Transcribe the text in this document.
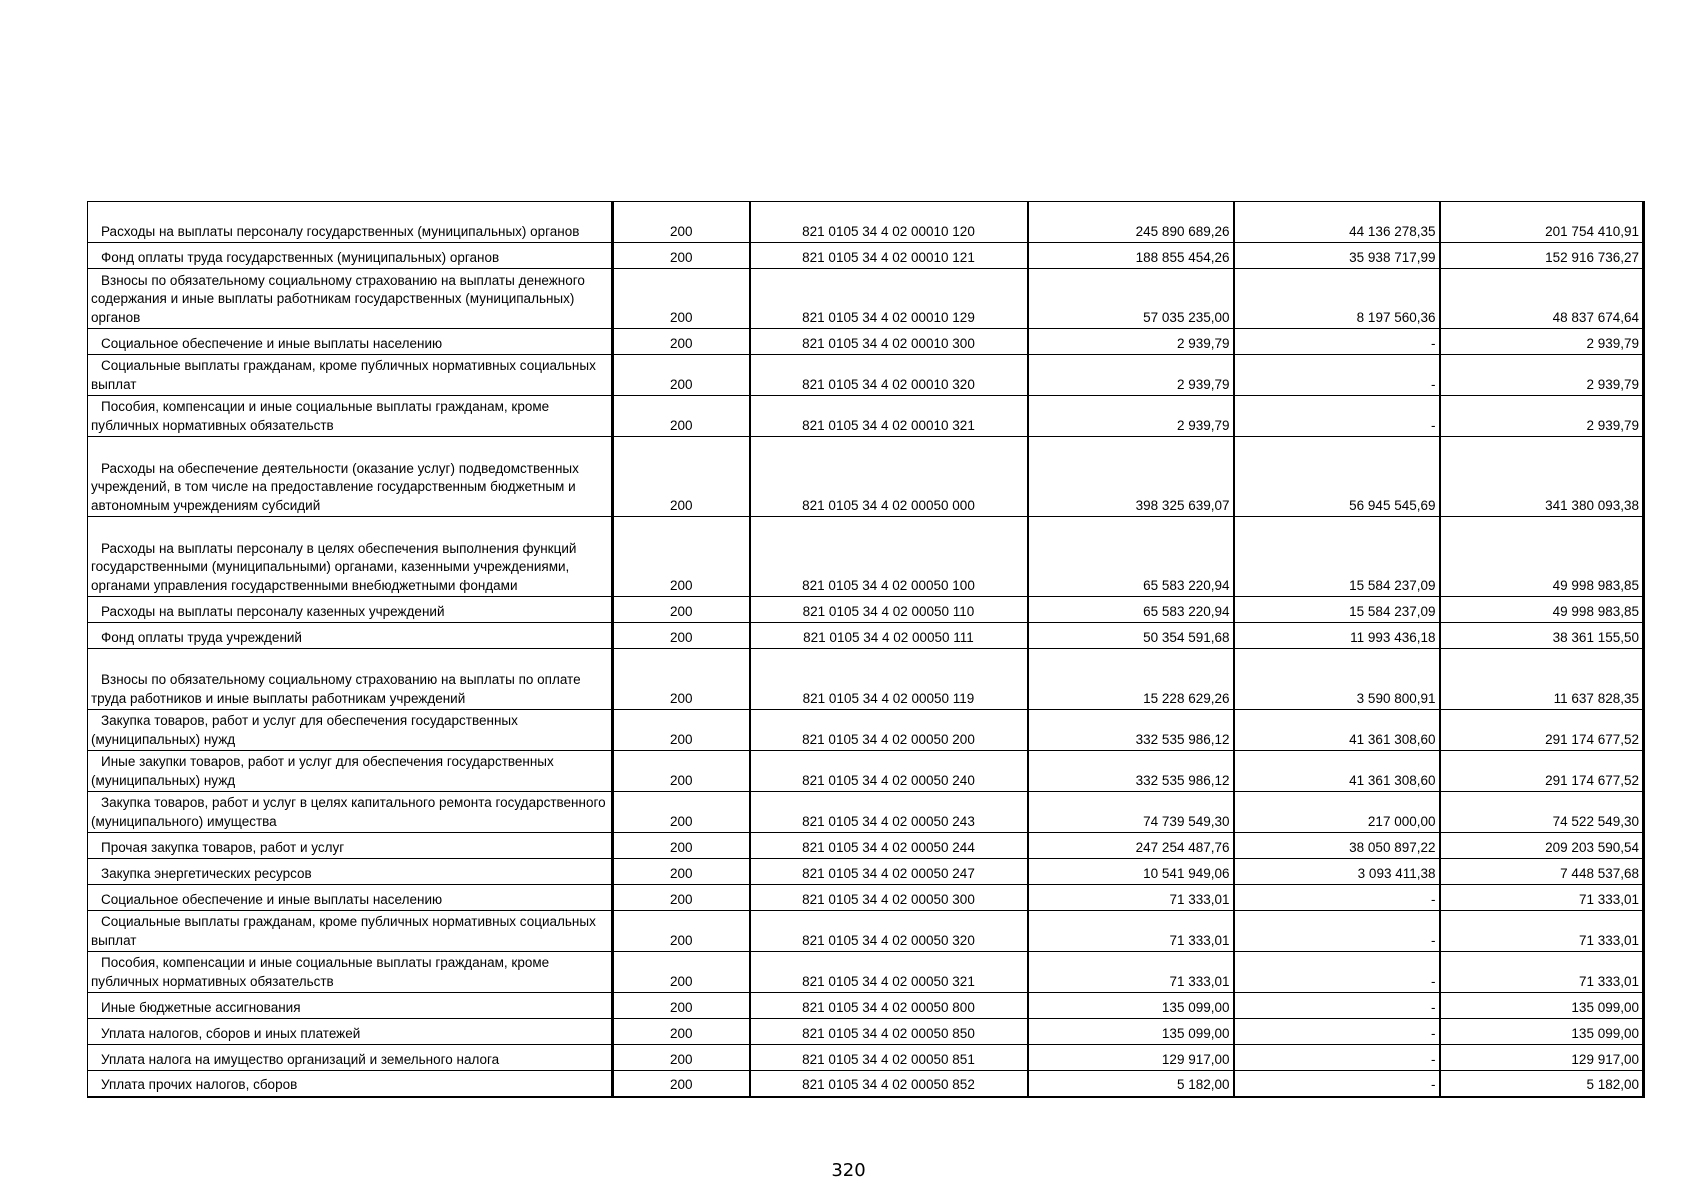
Расходы на выплаты персоналу государственных (муниципальных) органов	200	821 0105 34 4 02 00010 120	245 890 689,26	44 136 278,35	201 754 410,91

Фонд оплаты труда государственных (муниципальных) органов	200	821 0105 34 4 02 00010 121	188 855 454,26	35 938 717,99	152 916 736,27

Взносы по обязательному социальному страхованию на выплаты денежного содержания и иные выплаты работникам государственных (муниципальных) органов	200	821 0105 34 4 02 00010 129	57 035 235,00	8 197 560,36	48 837 674,64

Социальное обеспечение и иные выплаты населению	200	821 0105 34 4 02 00010 300	2 939,79	-	2 939,79

Социальные выплаты гражданам, кроме публичных нормативных социальных выплат	200	821 0105 34 4 02 00010 320	2 939,79	-	2 939,79

Пособия, компенсации и иные социальные выплаты гражданам, кроме публичных нормативных обязательств	200	821 0105 34 4 02 00010 321	2 939,79	-	2 939,79

Расходы на обеспечение деятельности (оказание услуг) подведомственных учреждений, в том числе на предоставление государственным бюджетным и автономным учреждениям субсидий	200	821 0105 34 4 02 00050 000	398 325 639,07	56 945 545,69	341 380 093,38

Расходы на выплаты персоналу в целях обеспечения выполнения функций государственными (муниципальными) органами, казенными учреждениями, органами управления государственными внебюджетными фондами	200	821 0105 34 4 02 00050 100	65 583 220,94	15 584 237,09	49 998 983,85

Расходы на выплаты персоналу казенных учреждений	200	821 0105 34 4 02 00050 110	65 583 220,94	15 584 237,09	49 998 983,85

Фонд оплаты труда учреждений	200	821 0105 34 4 02 00050 111	50 354 591,68	11 993 436,18	38 361 155,50

Взносы по обязательному социальному страхованию на выплаты по оплате труда работников и иные выплаты работникам учреждений	200	821 0105 34 4 02 00050 119	15 228 629,26	3 590 800,91	11 637 828,35

Закупка товаров, работ и услуг для обеспечения государственных (муниципальных) нужд	200	821 0105 34 4 02 00050 200	332 535 986,12	41 361 308,60	291 174 677,52

Иные закупки товаров, работ и услуг для обеспечения государственных (муниципальных) нужд	200	821 0105 34 4 02 00050 240	332 535 986,12	41 361 308,60	291 174 677,52

Закупка товаров, работ и услуг в целях капитального ремонта государственного (муниципального) имущества	200	821 0105 34 4 02 00050 243	74 739 549,30	217 000,00	74 522 549,30

Прочая закупка товаров, работ и услуг	200	821 0105 34 4 02 00050 244	247 254 487,76	38 050 897,22	209 203 590,54

Закупка энергетических ресурсов	200	821 0105 34 4 02 00050 247	10 541 949,06	3 093 411,38	7 448 537,68

Социальное обеспечение и иные выплаты населению	200	821 0105 34 4 02 00050 300	71 333,01	-	71 333,01

Социальные выплаты гражданам, кроме публичных нормативных социальных выплат	200	821 0105 34 4 02 00050 320	71 333,01	-	71 333,01

Пособия, компенсации и иные социальные выплаты гражданам, кроме публичных нормативных обязательств	200	821 0105 34 4 02 00050 321	71 333,01	-	71 333,01

Иные бюджетные ассигнования	200	821 0105 34 4 02 00050 800	135 099,00	-	135 099,00

Уплата налогов, сборов и иных платежей	200	821 0105 34 4 02 00050 850	135 099,00	-	135 099,00

Уплата налога на имущество организаций и земельного налога	200	821 0105 34 4 02 00050 851	129 917,00	-	129 917,00

Уплата прочих налогов, сборов	200	821 0105 34 4 02 00050 852	5 182,00	-	5 182,00
320
